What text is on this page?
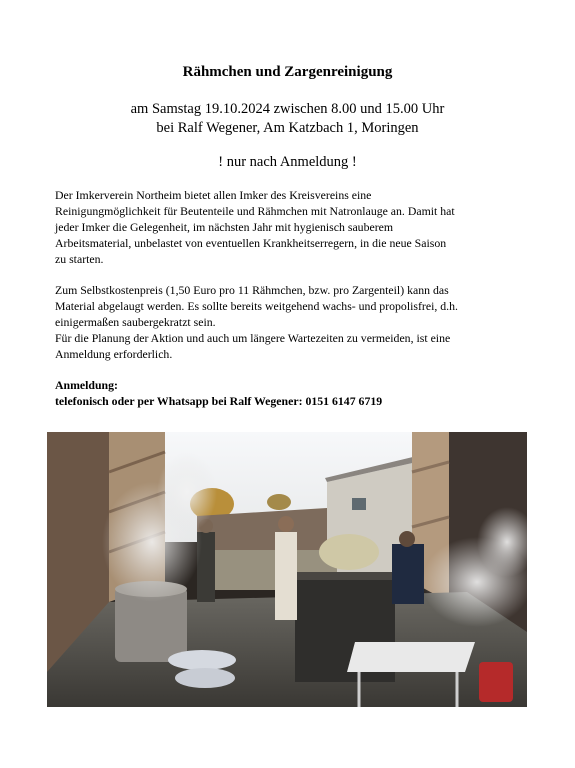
Rähmchen und Zargenreinigung
am Samstag 19.10.2024 zwischen 8.00 und 15.00 Uhr
bei Ralf Wegener, Am Katzbach 1, Moringen
! nur nach Anmeldung !

Der Imkerverein Northeim bietet allen Imker des Kreisvereins eine

Reinigungmöglichkeit für Beutenteile und Rähmchen mit Natronlauge an. Damit hat

jeder Imker die Gelegenheit, im nächsten Jahr mit hygienisch sauberem

Arbeitsmaterial, unbelastet von eventuellen Krankheitserregern, in die neue Saison

zu starten.

Zum Selbstkostenpreis (1,50 Euro pro 11 Rähmchen, bzw. pro Zargenteil) kann das

Material abgelaugt werden. Es sollte bereits weitgehend wachs- und propolisfrei, d.h.

einigermaßen saubergekratzt sein.

Für die Planung der Aktion und auch um längere Wartezeiten zu vermeiden, ist eine

Anmeldung erforderlich.

Anmeldung:

telefonisch oder per Whatsapp bei Ralf Wegener: 0151 6147 6719
